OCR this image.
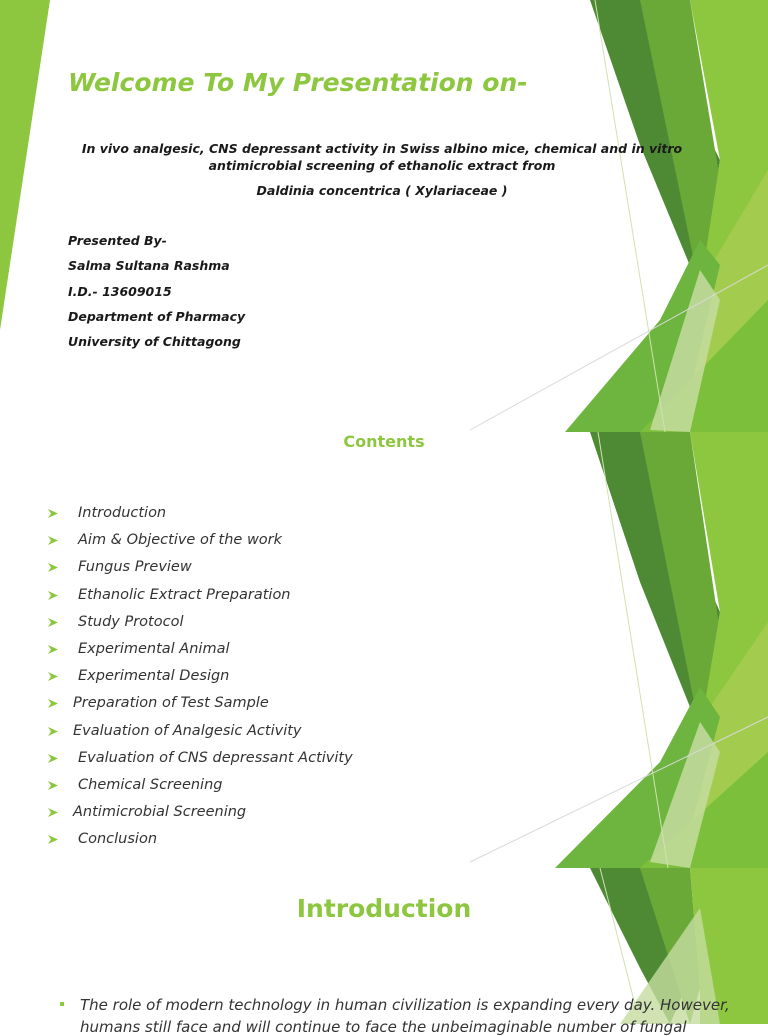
Welcome To My Presentation on-

In vivo analgesic, CNS depressant activity in Swiss albino mice, chemical and in vitro

antimicrobial screening of ethanolic extract from

Daldinia concentrica ( Xylariaceae )

Presented By-

Salma Sultana Rashma

I.D.- 13609015

Department of Pharmacy

University of Chittagong

Contents
Introduction
Aim & Objective of the work
Fungus Preview
Ethanolic Extract Preparation
Study Protocol
Experimental Animal
Experimental Design
Preparation of Test Sample
Evaluation of Analgesic Activity
Evaluation of CNS depressant Activity
Chemical Screening
Antimicrobial Screening
Conclusion
Introduction

The role of modern technology in human civilization is expanding every day. However,

humans still face and will continue to face the unbeimaginable number of fungal
